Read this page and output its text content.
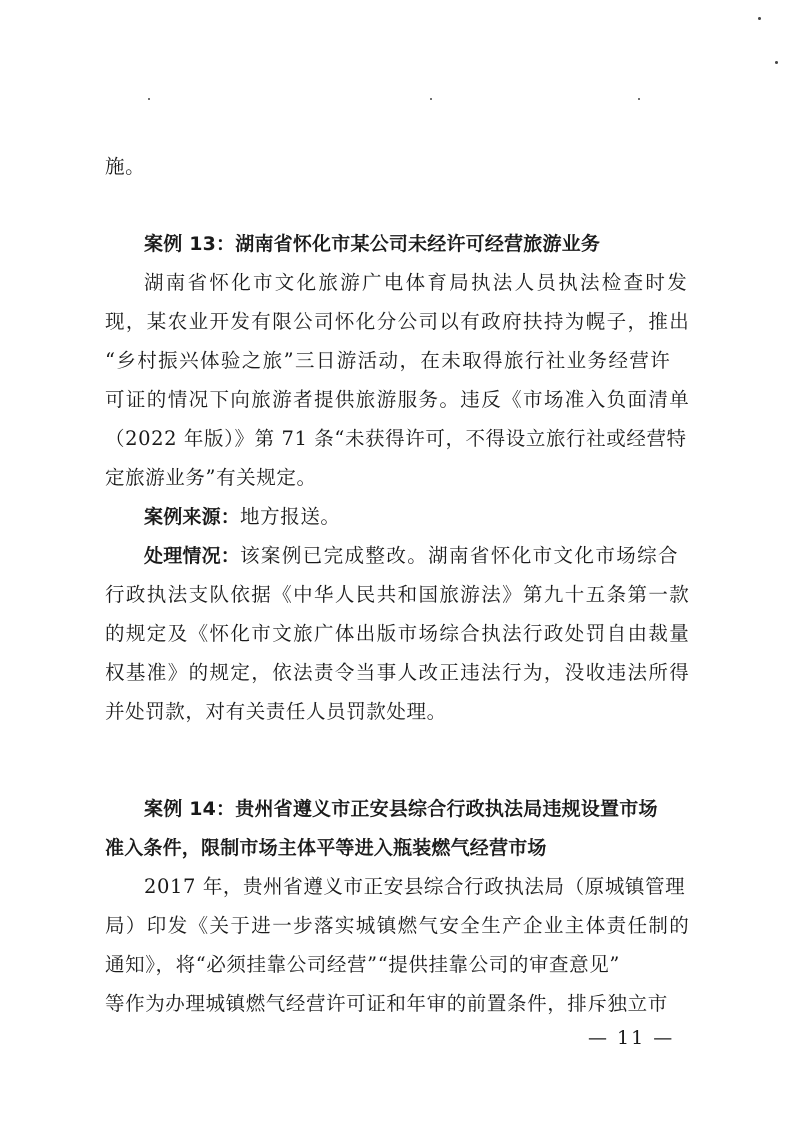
施。
案例 13：湖南省怀化市某公司未经许可经营旅游业务
湖南省怀化市文化旅游广电体育局执法人员执法检查时发
现，某农业开发有限公司怀化分公司以有政府扶持为幌子，推出
“乡村振兴体验之旅”三日游活动，在未取得旅行社业务经营许
可证的情况下向旅游者提供旅游服务。违反《市场准入负面清单
（2022 年版）》第 71 条“未获得许可，不得设立旅行社或经营特
定旅游业务”有关规定。
案例来源：地方报送。
处理情况：该案例已完成整改。湖南省怀化市文化市场综合
行政执法支队依据《中华人民共和国旅游法》第九十五条第一款
的规定及《怀化市文旅广体出版市场综合执法行政处罚自由裁量
权基准》的规定，依法责令当事人改正违法行为，没收违法所得
并处罚款，对有关责任人员罚款处理。
案例 14：贵州省遵义市正安县综合行政执法局违规设置市场
准入条件，限制市场主体平等进入瓶装燃气经营市场
2017 年，贵州省遵义市正安县综合行政执法局（原城镇管理
局）印发《关于进一步落实城镇燃气安全生产企业主体责任制的
通知》，将“必须挂靠公司经营”“提供挂靠公司的审查意见”
等作为办理城镇燃气经营许可证和年审的前置条件，排斥独立市
— 11 —
